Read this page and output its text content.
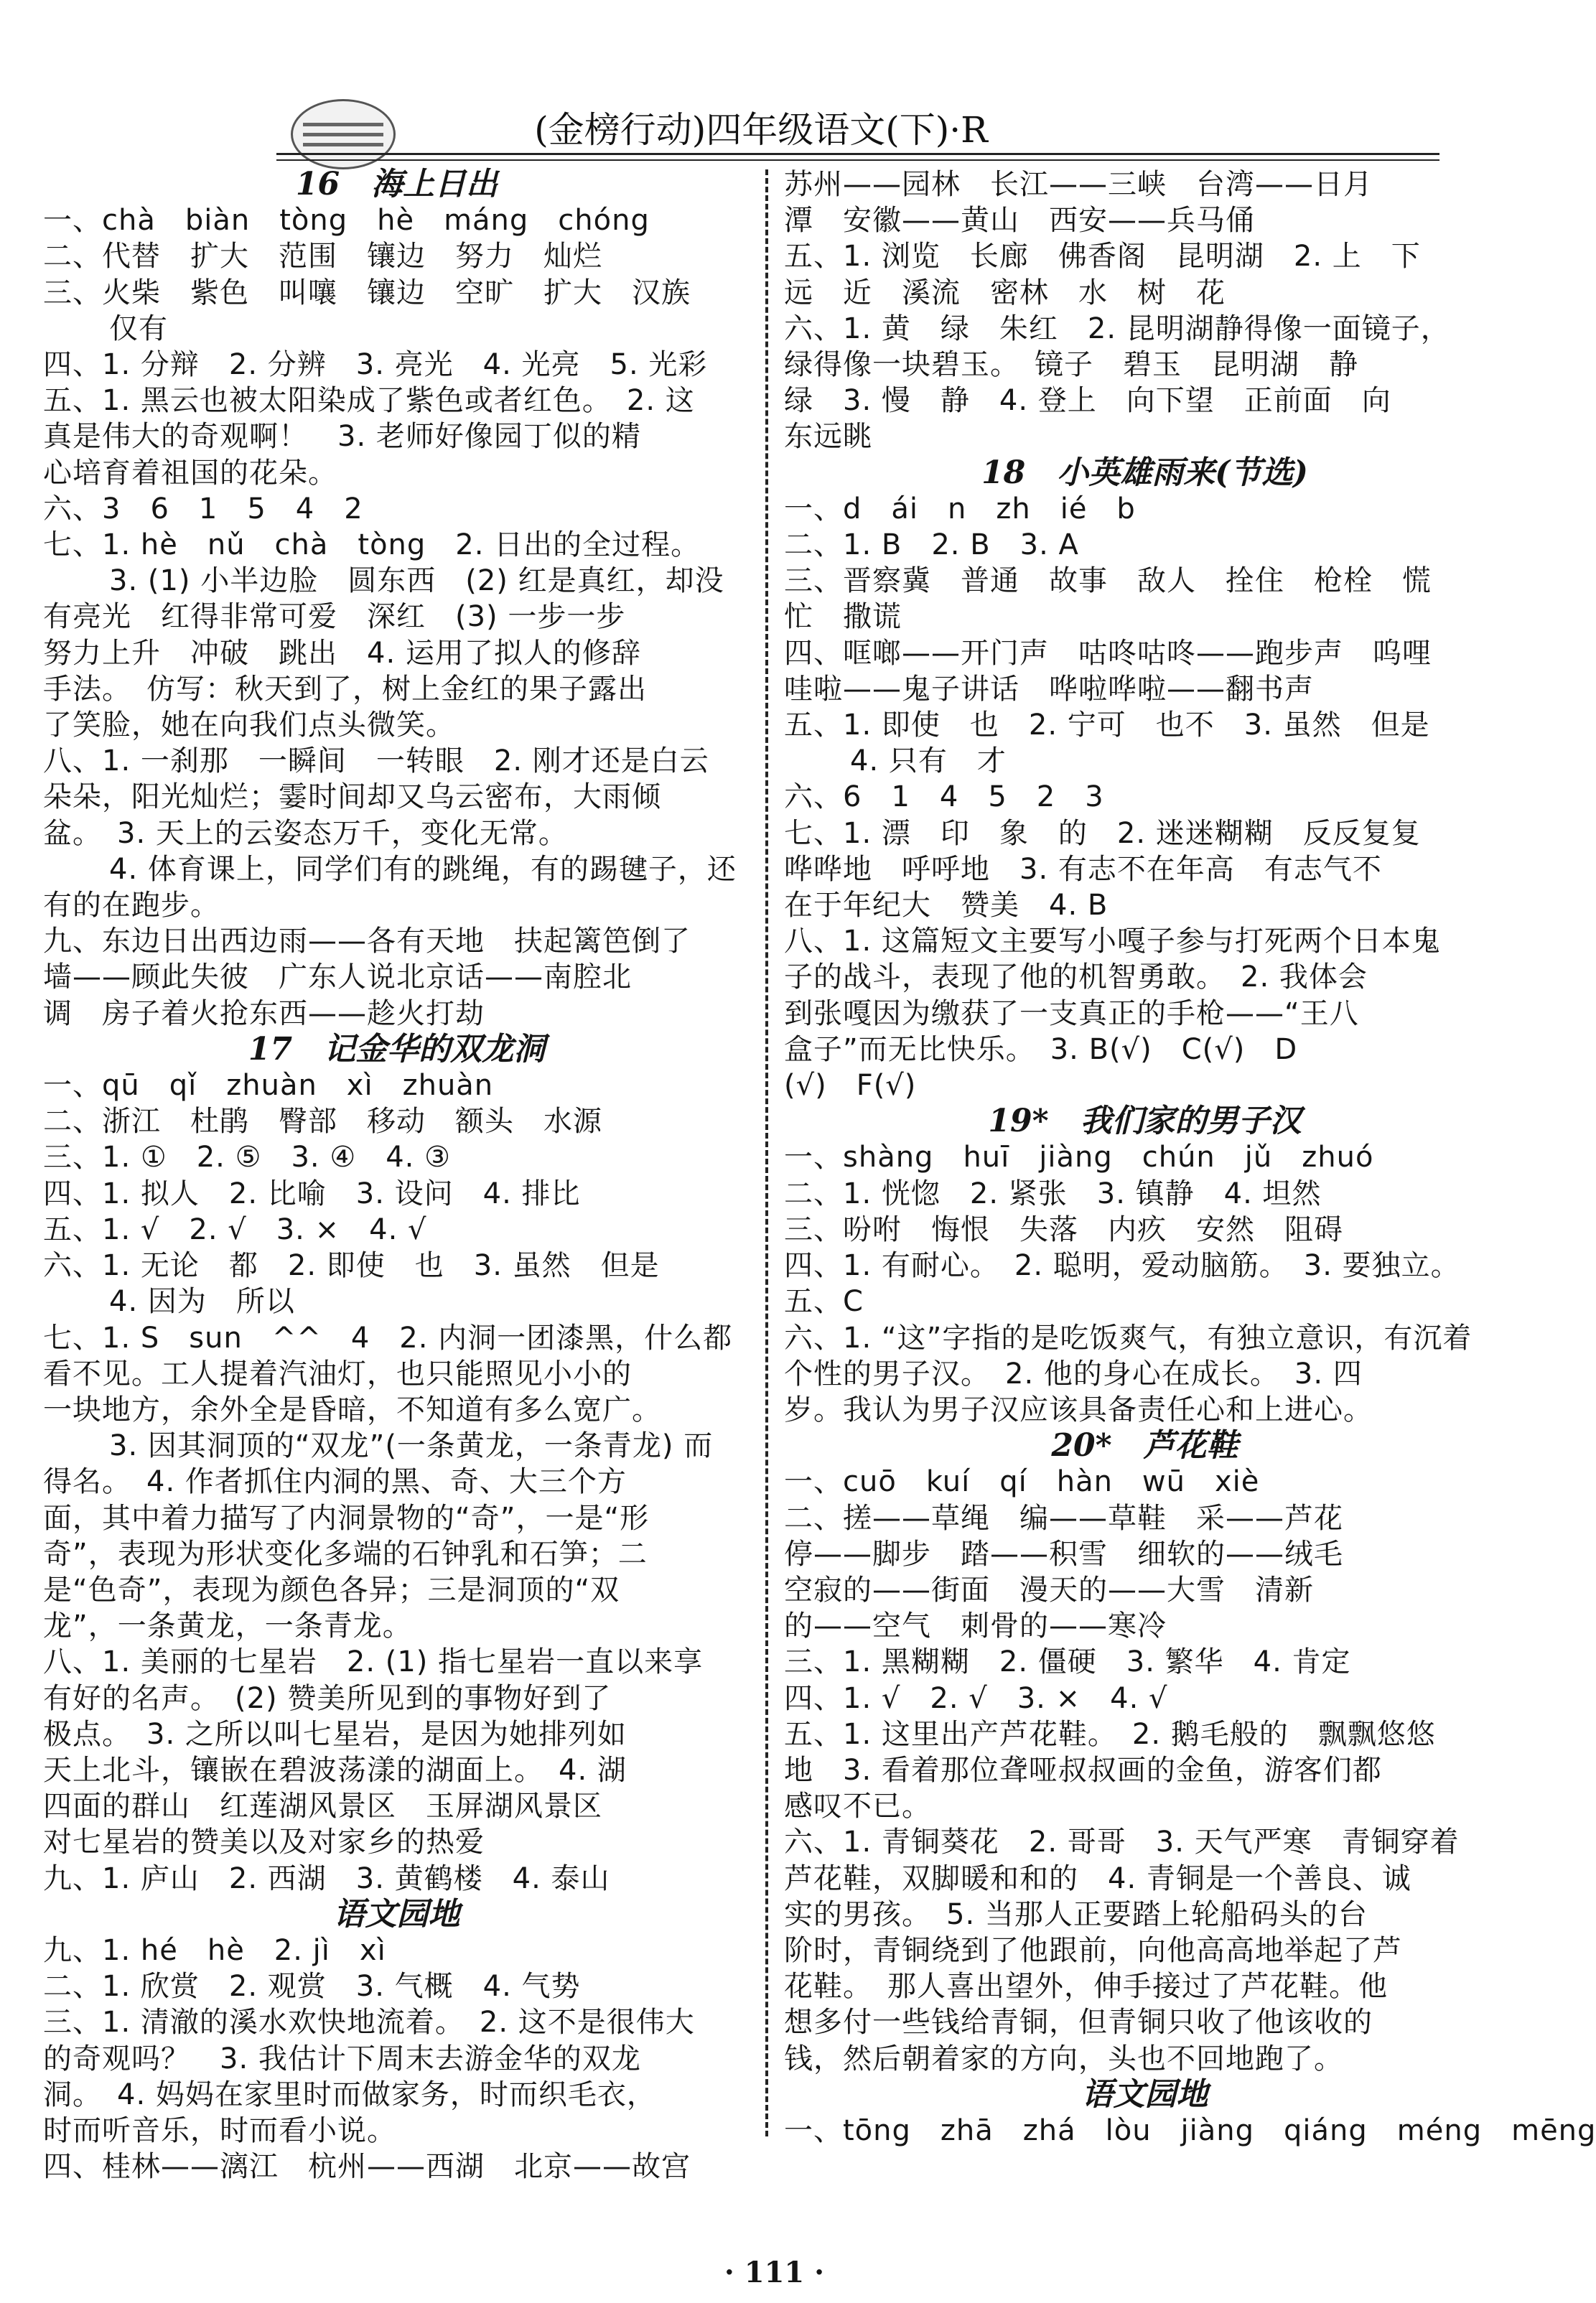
(金榜行动)四年级语文(下)·R
16　海上日出
一、chà　biàn　tòng　hè　máng　chóng
二、代替　扩大　范围　镶边　努力　灿烂
三、火柴　紫色　叫嚷　镶边　空旷　扩大　汉族
仅有
四、1. 分辩　2. 分辨　3. 亮光　4. 光亮　5. 光彩
五、1. 黑云也被太阳染成了紫色或者红色。　2. 这
真是伟大的奇观啊！　3. 老师好像园丁似的精
心培育着祖国的花朵。
六、3　6　1　5　4　2
七、1. hè　nǔ　chà　tòng　2. 日出的全过程。
3. (1) 小半边脸　圆东西　(2) 红是真红，却没
有亮光　红得非常可爱　深红　(3) 一步一步
努力上升　冲破　跳出　4. 运用了拟人的修辞
手法。　仿写：秋天到了，树上金红的果子露出
了笑脸，她在向我们点头微笑。
八、1. 一刹那　一瞬间　一转眼　2. 刚才还是白云
朵朵，阳光灿烂；霎时间却又乌云密布，大雨倾
盆。　3. 天上的云姿态万千，变化无常。
4. 体育课上，同学们有的跳绳，有的踢毽子，还
有的在跑步。
九、东边日出西边雨——各有天地　扶起篱笆倒了
墙——顾此失彼　广东人说北京话——南腔北
调　房子着火抢东西——趁火打劫
17　记金华的双龙洞
一、qū　qǐ　zhuàn　xì　zhuàn
二、浙江　杜鹃　臀部　移动　额头　水源
三、1. ①　2. ⑤　3. ④　4. ③
四、1. 拟人　2. 比喻　3. 设问　4. 排比
五、1. √　2. √　3. ×　4. √
六、1. 无论　都　2. 即使　也　3. 虽然　但是
4. 因为　所以
七、1. S　sun　^^　4　2. 内洞一团漆黑，什么都
看不见。工人提着汽油灯，也只能照见小小的
一块地方，余外全是昏暗，不知道有多么宽广。
3. 因其洞顶的“双龙”(一条黄龙，一条青龙) 而
得名。　4. 作者抓住内洞的黑、奇、大三个方
面，其中着力描写了内洞景物的“奇”，一是“形
奇”，表现为形状变化多端的石钟乳和石笋；二
是“色奇”，表现为颜色各异；三是洞顶的“双
龙”，一条黄龙，一条青龙。
八、1. 美丽的七星岩　2. (1) 指七星岩一直以来享
有好的名声。　(2) 赞美所见到的事物好到了
极点。　3. 之所以叫七星岩，是因为她排列如
天上北斗，镶嵌在碧波荡漾的湖面上。　4. 湖
四面的群山　红莲湖风景区　玉屏湖风景区
对七星岩的赞美以及对家乡的热爱
九、1. 庐山　2. 西湖　3. 黄鹤楼　4. 泰山
语文园地
九、1. hé　hè　2. jì　xì
二、1. 欣赏　2. 观赏　3. 气概　4. 气势
三、1. 清澈的溪水欢快地流着。　2. 这不是很伟大
的奇观吗？　3. 我估计下周末去游金华的双龙
洞。　4. 妈妈在家里时而做家务，时而织毛衣，
时而听音乐，时而看小说。
四、桂林——漓江　杭州——西湖　北京——故宫
苏州——园林　长江——三峡　台湾——日月
潭　安徽——黄山　西安——兵马俑
五、1. 浏览　长廊　佛香阁　昆明湖　2. 上　下
远　近　溪流　密林　水　树　花
六、1. 黄　绿　朱红　2. 昆明湖静得像一面镜子，
绿得像一块碧玉。　镜子　碧玉　昆明湖　静
绿　3. 慢　静　4. 登上　向下望　正前面　向
东远眺
18　小英雄雨来(节选)
一、d　ái　n　zh　ié　b
二、1. B　2. B　3. A
三、晋察冀　普通　故事　敌人　拴住　枪栓　慌
忙　撒谎
四、哐啷——开门声　咕咚咕咚——跑步声　呜哩
哇啦——鬼子讲话　哗啦哗啦——翻书声
五、1. 即使　也　2. 宁可　也不　3. 虽然　但是
4. 只有　才
六、6　1　4　5　2　3
七、1. 漂　印　象　的　2. 迷迷糊糊　反反复复
哗哗地　呼呼地　3. 有志不在年高　有志气不
在于年纪大　赞美　4. B
八、1. 这篇短文主要写小嘎子参与打死两个日本鬼
子的战斗，表现了他的机智勇敢。　2. 我体会
到张嘎因为缴获了一支真正的手枪——“王八
盒子”而无比快乐。　3. B(√)　C(√)　D
(√)　F(√)
19*　我们家的男子汉
一、shàng　huī　jiàng　chún　jǔ　zhuó
二、1. 恍惚　2. 紧张　3. 镇静　4. 坦然
三、吩咐　悔恨　失落　内疚　安然　阻碍
四、1. 有耐心。　2. 聪明，爱动脑筋。　3. 要独立。
五、C
六、1. “这”字指的是吃饭爽气，有独立意识，有沉着
个性的男子汉。　2. 他的身心在成长。　3. 四
岁。我认为男子汉应该具备责任心和上进心。
20*　芦花鞋
一、cuō　kuí　qí　hàn　wū　xiè
二、搓——草绳　编——草鞋　采——芦花
停——脚步　踏——积雪　细软的——绒毛
空寂的——街面　漫天的——大雪　清新
的——空气　刺骨的——寒冷
三、1. 黑糊糊　2. 僵硬　3. 繁华　4. 肯定
四、1. √　2. √　3. ×　4. √
五、1. 这里出产芦花鞋。　2. 鹅毛般的　飘飘悠悠
地　3. 看着那位聋哑叔叔画的金鱼，游客们都
感叹不已。
六、1. 青铜葵花　2. 哥哥　3. 天气严寒　青铜穿着
芦花鞋，双脚暖和和的　4. 青铜是一个善良、诚
实的男孩。　5. 当那人正要踏上轮船码头的台
阶时，青铜绕到了他跟前，向他高高地举起了芦
花鞋。　那人喜出望外，伸手接过了芦花鞋。他
想多付一些钱给青铜，但青铜只收了他该收的
钱，然后朝着家的方向，头也不回地跑了。
语文园地
一、tōng　zhā　zhá　lòu　jiàng　qiáng　méng　mēng
· 111 ·
